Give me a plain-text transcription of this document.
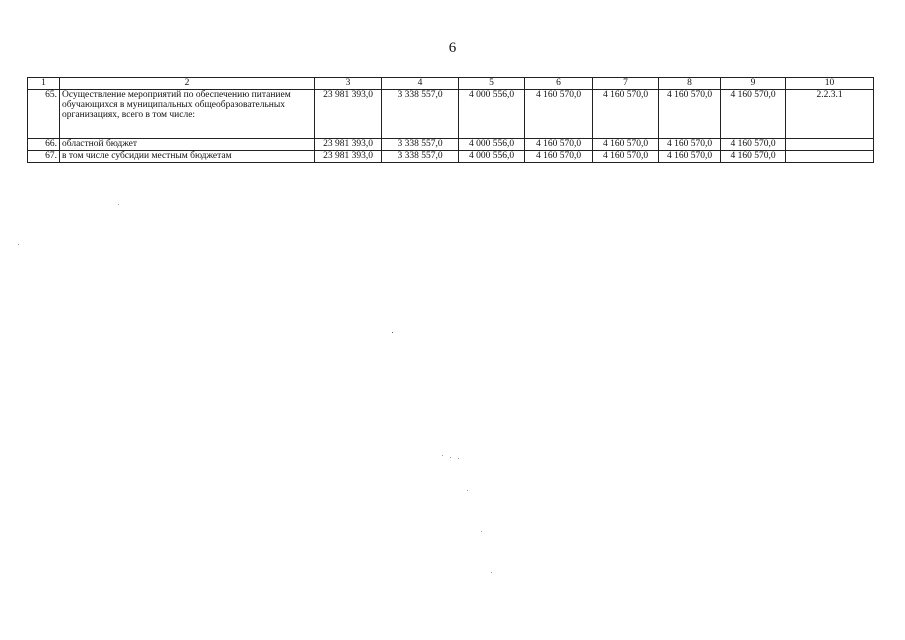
6
1	2	3	4	5	6	7	8	9	10
65.	Осуществление мероприятий по обеспечению питанием обучающихся в муниципальных общеобразовательных организациях, всего в том числе:	23 981 393,0	3 338 557,0	4 000 556,0	4 160 570,0	4 160 570,0	4 160 570,0	4 160 570,0	2.2.3.1
66.	областной бюджет	23 981 393,0	3 338 557,0	4 000 556,0	4 160 570,0	4 160 570,0	4 160 570,0	4 160 570,0	
67.	в том числе субсидии местным бюджетам	23 981 393,0	3 338 557,0	4 000 556,0	4 160 570,0	4 160 570,0	4 160 570,0	4 160 570,0	
